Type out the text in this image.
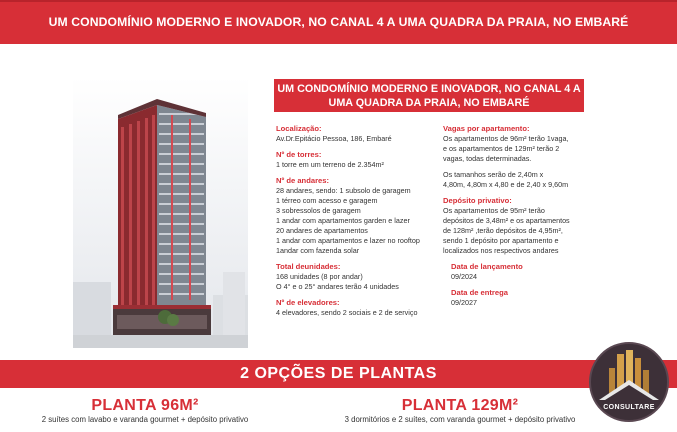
UM CONDOMÍNIO MODERNO E INOVADOR, NO CANAL 4 A UMA QUADRA DA PRAIA, NO EMBARÉ
UM CONDOMÍNIO MODERNO E INOVADOR, NO CANAL 4 A UMA QUADRA DA PRAIA, NO EMBARÉ
Localização:
Av.Dr.Epitácio Pessoa, 186, Embaré
Nº de torres:
1 torre em um terreno de 2.354m²
Nº de andares:
28 andares, sendo: 1 subsolo de garagem
1 térreo com acesso e garagem
3 sobressolos de garagem
1 andar com apartamentos garden e lazer
20 andares de apartamentos
1 andar com apartamentos e lazer no rooftop
1andar com fazenda solar
Total deunidades:
168 unidades (8 por andar)
O 4° e o 25° andares terão 4 unidades
Nº de elevadores:
4 elevadores, sendo 2 sociais e 2 de serviço
Vagas por apartamento:
Os apartamentos de 96m² terão 1vaga,
e os apartamentos de 129m² terão 2
vagas, todas determinadas.
Os tamanhos serão de 2,40m x
4,80m, 4,80m x 4,80 e de 2,40 x 9,60m
Depósito privativo:
Os apartamentos de 95m² terão
depósitos de 3,48m² e os apartamentos
de 128m² ,terão depósitos de 4,95m²,
sendo 1 depósito por apartamento e
localizados nos respectivos andares
Data de lançamento
09/2024
Data de entrega
09/2027
2 OPÇÕES DE PLANTAS
PLANTA 96M²
2 suítes com lavabo e varanda gourmet + depósito privativo
PLANTA 129M²
3 dormitórios e 2 suítes, com varanda gourmet + depósito privativo
CONSULTARE
